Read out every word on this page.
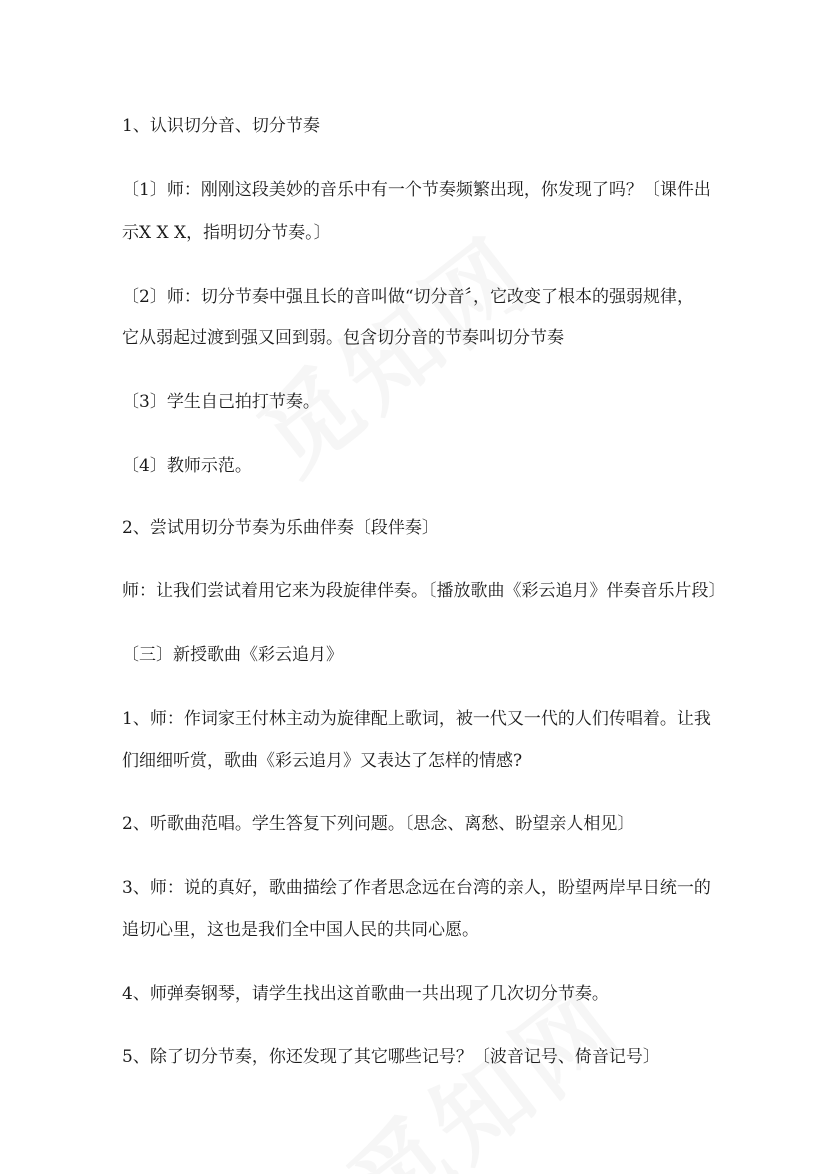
1、认识切分音、切分节奏
〔1〕师：刚刚这段美妙的音乐中有一个节奏频繁出现，你发现了吗？〔课件出
示X X X，指明切分节奏。〕
〔2〕师：切分节奏中强且长的音叫做“切分音〞，它改变了根本的强弱规律，
它从弱起过渡到强又回到弱。包含切分音的节奏叫切分节奏
〔3〕学生自己拍打节奏。
〔4〕教师示范。
2、尝试用切分节奏为乐曲伴奏〔段伴奏〕
师：让我们尝试着用它来为段旋律伴奏。〔播放歌曲《彩云追月》伴奏音乐片段〕
〔三〕新授歌曲《彩云追月》
1、师：作词家王付林主动为旋律配上歌词，被一代又一代的人们传唱着。让我
们细细听赏，歌曲《彩云追月》又表达了怎样的情感?
2、听歌曲范唱。学生答复下列问题。〔思念、离愁、盼望亲人相见〕
3、师：说的真好，歌曲描绘了作者思念远在台湾的亲人，盼望两岸早日统一的
追切心里，这也是我们全中国人民的共同心愿。
4、师弹奏钢琴，请学生找出这首歌曲一共出现了几次切分节奏。
5、除了切分节奏，你还发现了其它哪些记号？〔波音记号、倚音记号〕
